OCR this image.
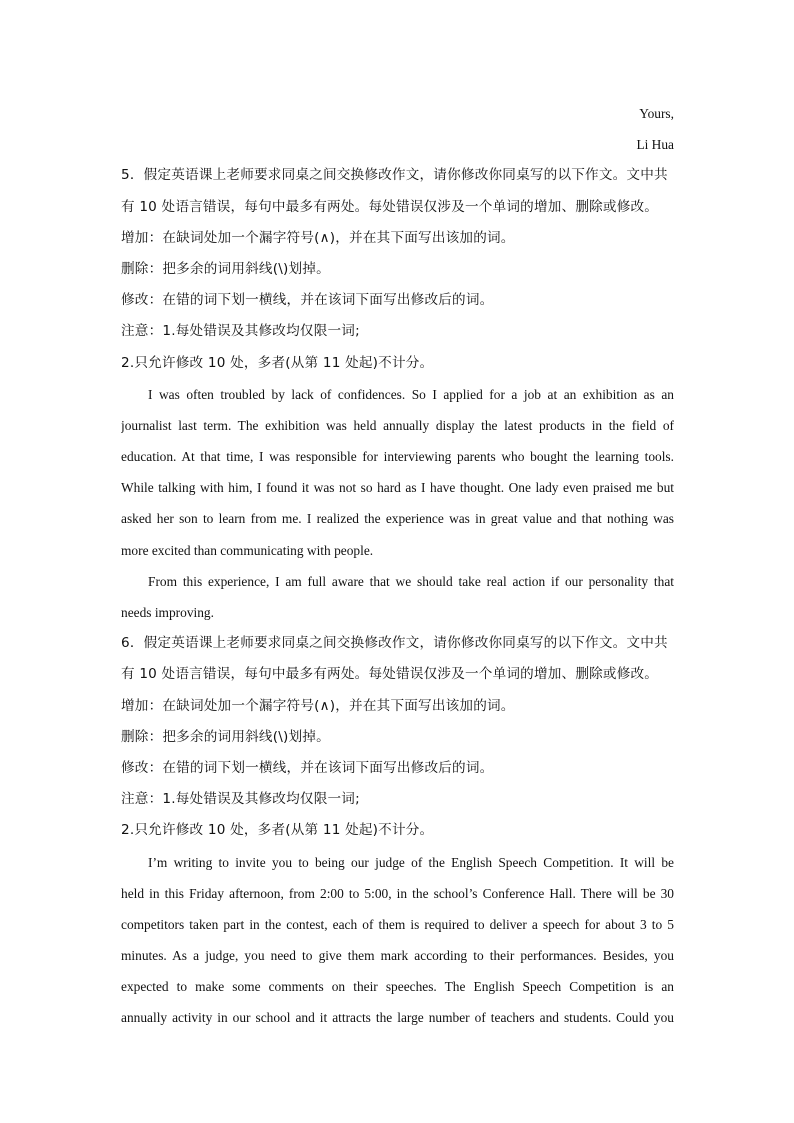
Yours,
Li Hua
5．假定英语课上老师要求同桌之间交换修改作文，请你修改你同桌写的以下作文。文中共
有 10 处语言错误，每句中最多有两处。每处错误仅涉及一个单词的增加、删除或修改。
增加：在缺词处加一个漏字符号(∧)，并在其下面写出该加的词。
删除：把多余的词用斜线(\)划掉。
修改：在错的词下划一横线，并在该词下面写出修改后的词。
注意：1.每处错误及其修改均仅限一词;
2.只允许修改 10 处，多者(从第 11 处起)不计分。
I was often troubled by lack of confidences. So I applied for a job at an exhibition as an
journalist last term. The exhibition was held annually display the latest products in the field of
education. At that time, I was responsible for interviewing parents who bought the learning tools.
While talking with him, I found it was not so hard as I have thought. One lady even praised me but
asked her son to learn from me. I realized the experience was in great value and that nothing was
more excited than communicating with people.
From this experience, I am full aware that we should take real action if our personality that
needs improving.
6．假定英语课上老师要求同桌之间交换修改作文，请你修改你同桌写的以下作文。文中共
有 10 处语言错误，每句中最多有两处。每处错误仅涉及一个单词的增加、删除或修改。
增加：在缺词处加一个漏字符号(∧)，并在其下面写出该加的词。
删除：把多余的词用斜线(\)划掉。
修改：在错的词下划一横线，并在该词下面写出修改后的词。
注意：1.每处错误及其修改均仅限一词;
2.只允许修改 10 处，多者(从第 11 处起)不计分。
I’m writing to invite you to being our judge of the English Speech Competition. It will be
held in this Friday afternoon, from 2:00 to 5:00, in the school’s Conference Hall. There will be 30
competitors taken part in the contest, each of them is required to deliver a speech for about 3 to 5
minutes. As a judge, you need to give them mark according to their performances. Besides, you
expected to make some comments on their speeches. The English Speech Competition is an
annually activity in our school and it attracts the large number of teachers and students. Could you
